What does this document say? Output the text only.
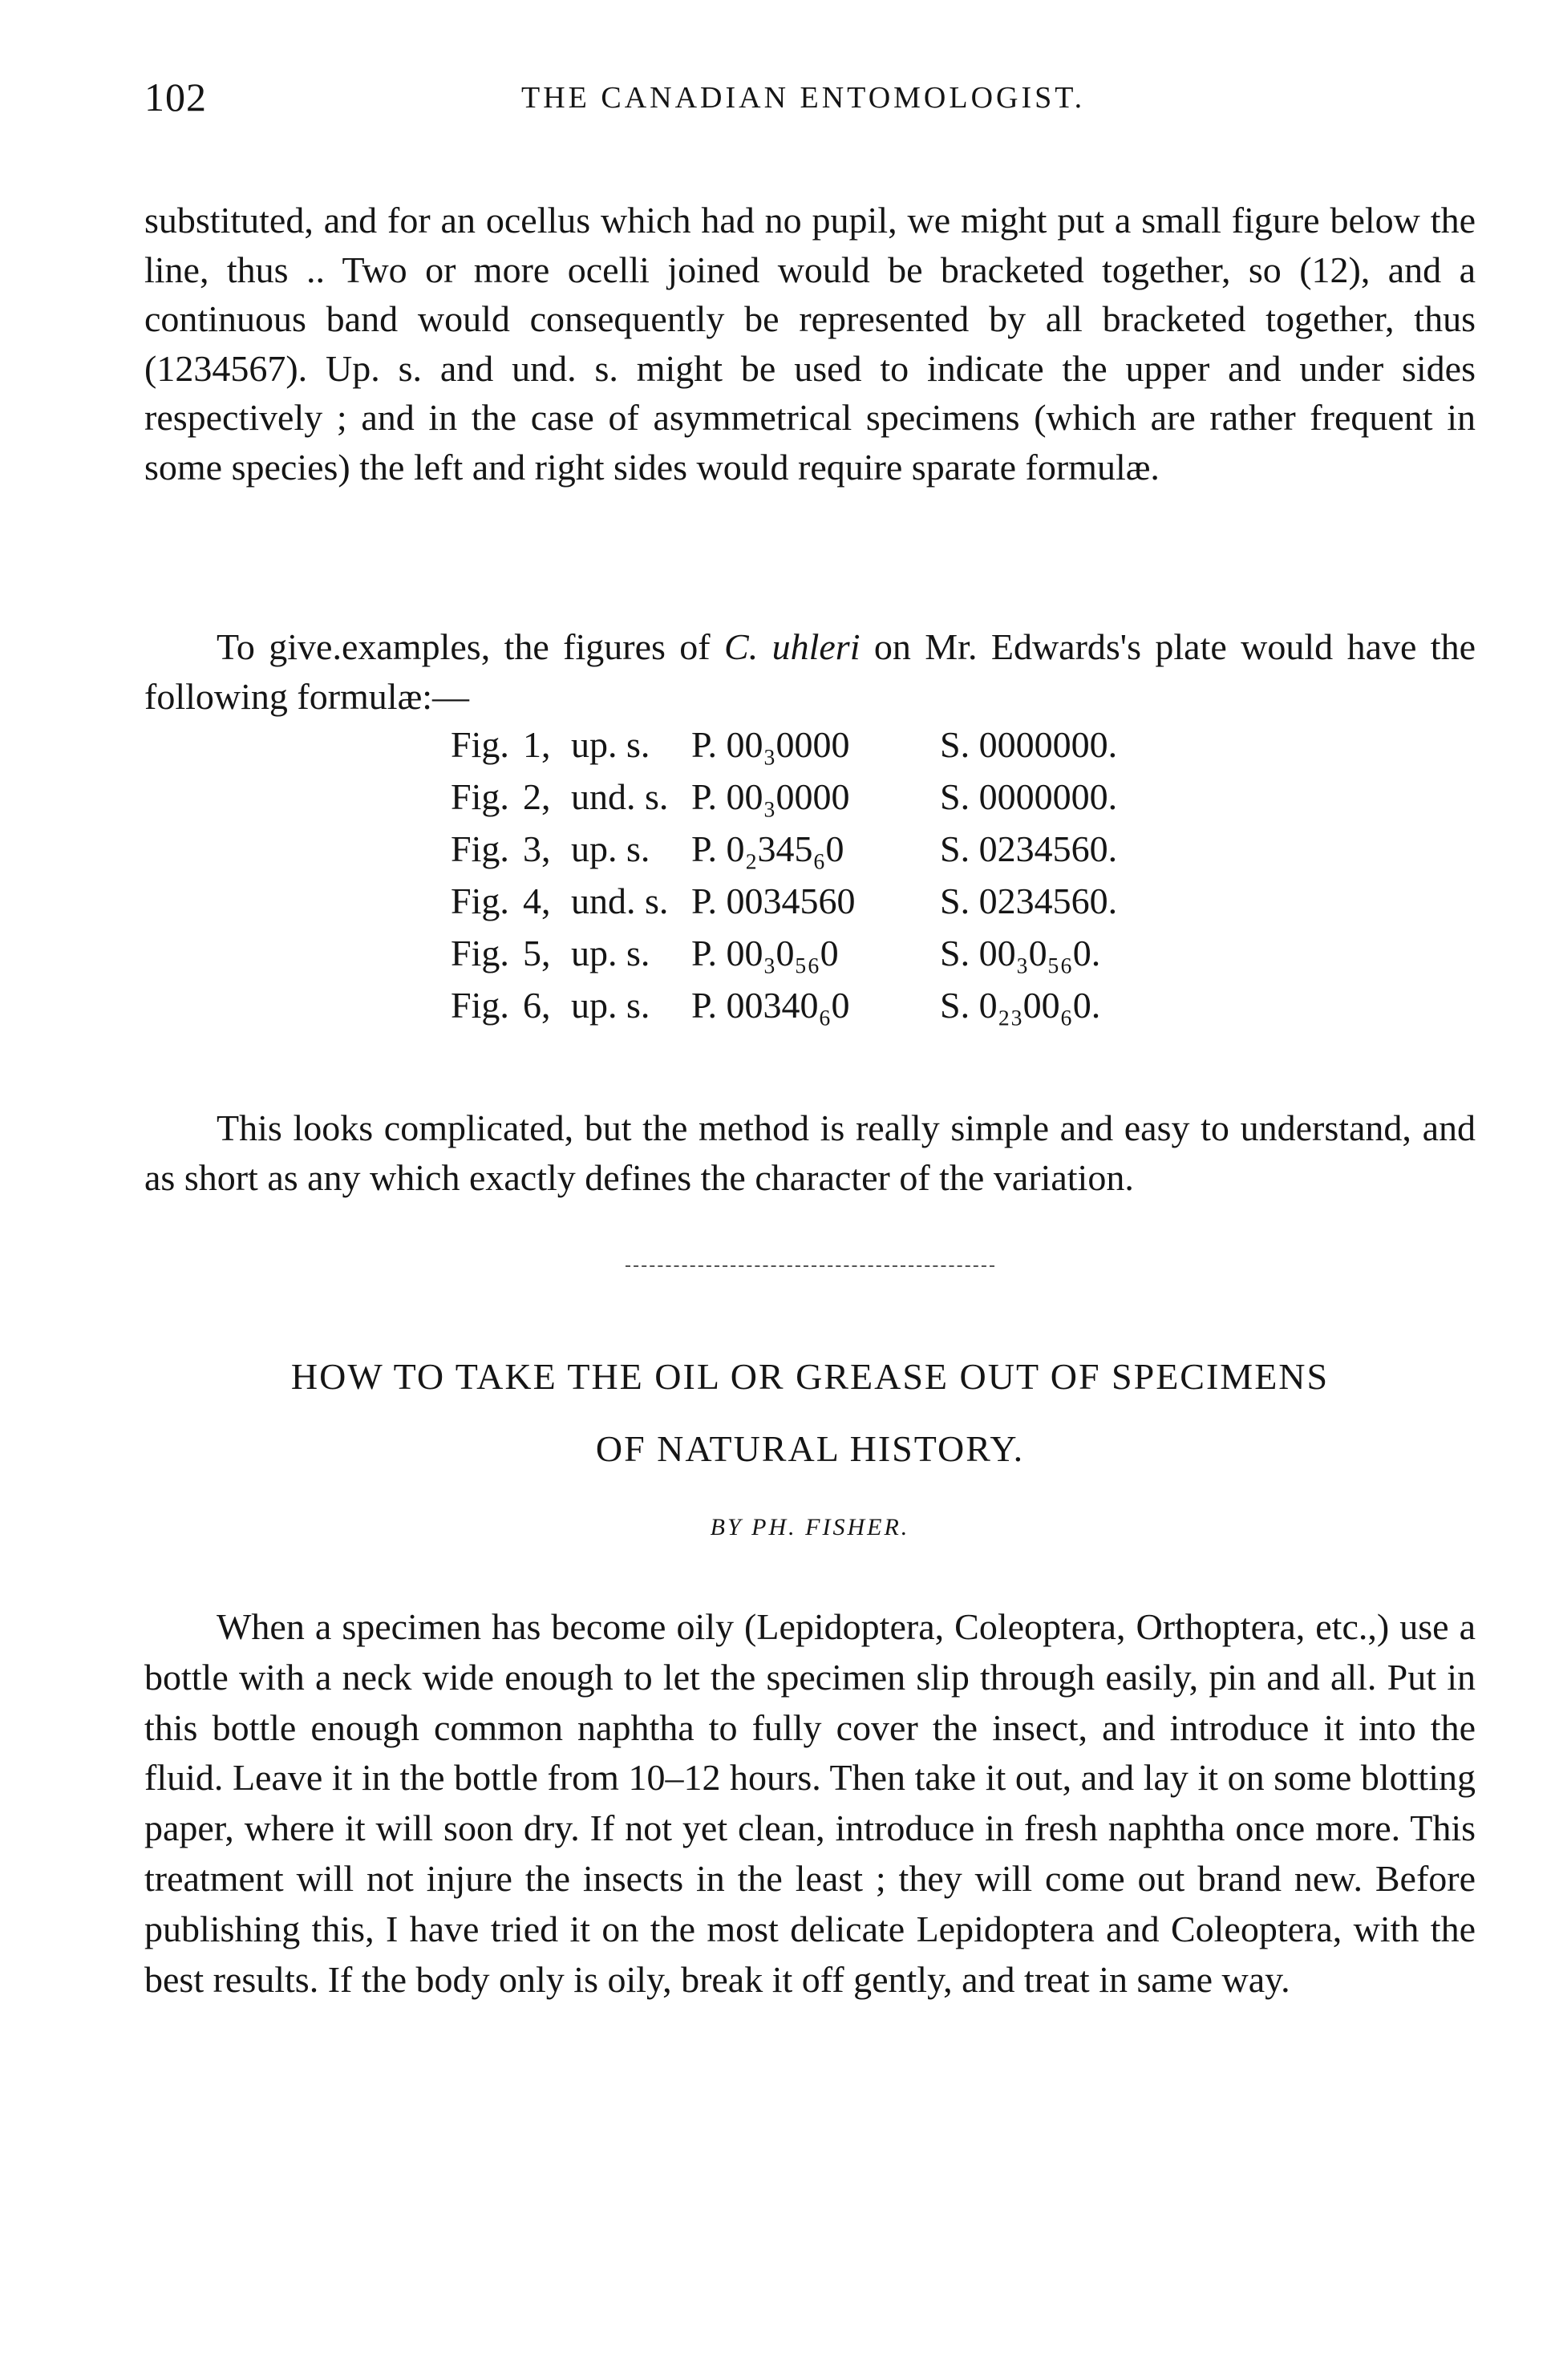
102	THE CANADIAN ENTOMOLOGIST.

substituted, and for an ocellus which had no pupil, we might put a small figure below the line, thus .. Two or more ocelli joined would be bracketed together, so (12), and a continuous band would consequently be represented by all bracketed together, thus (1234567). Up. s. and und. s. might be used to indicate the upper and under sides respectively ; and in the case of asymmetrical specimens (which are rather frequent in some species) the left and right sides would require sparate formulæ.

To give.examples, the figures of C. uhleri on Mr. Edwards's plate would have the following formulæ:—

Fig.	1,	up. s.	P. 00₃0000	S. 0000000.
Fig.	2,	und. s.	P. 00₃0000	S. 0000000.
Fig.	3,	up. s.	P. 0₂345₆0	S. 0234560.
Fig.	4,	und. s.	P. 0034560	S. 0234560.
Fig.	5,	up. s.	P. 00₃0₅₆0	S. 00₃0₅₆0.
Fig.	6,	up. s.	P. 00340₆0	S. 0₂₃00₆0.

This looks complicated, but the method is really simple and easy to understand, and as short as any which exactly defines the character of the variation.

HOW TO TAKE THE OIL OR GREASE OUT OF SPECIMENS
OF NATURAL HISTORY.
BY PH. FISHER.

When a specimen has become oily (Lepidoptera, Coleoptera, Orthoptera, etc.,) use a bottle with a neck wide enough to let the specimen slip through easily, pin and all. Put in this bottle enough common naphtha to fully cover the insect, and introduce it into the fluid. Leave it in the bottle from 10–12 hours. Then take it out, and lay it on some blotting paper, where it will soon dry. If not yet clean, introduce in fresh naphtha once more. This treatment will not injure the insects in the least ; they will come out brand new. Before publishing this, I have tried it on the most delicate Lepidoptera and Coleoptera, with the best results. If the body only is oily, break it off gently, and treat in same way.
